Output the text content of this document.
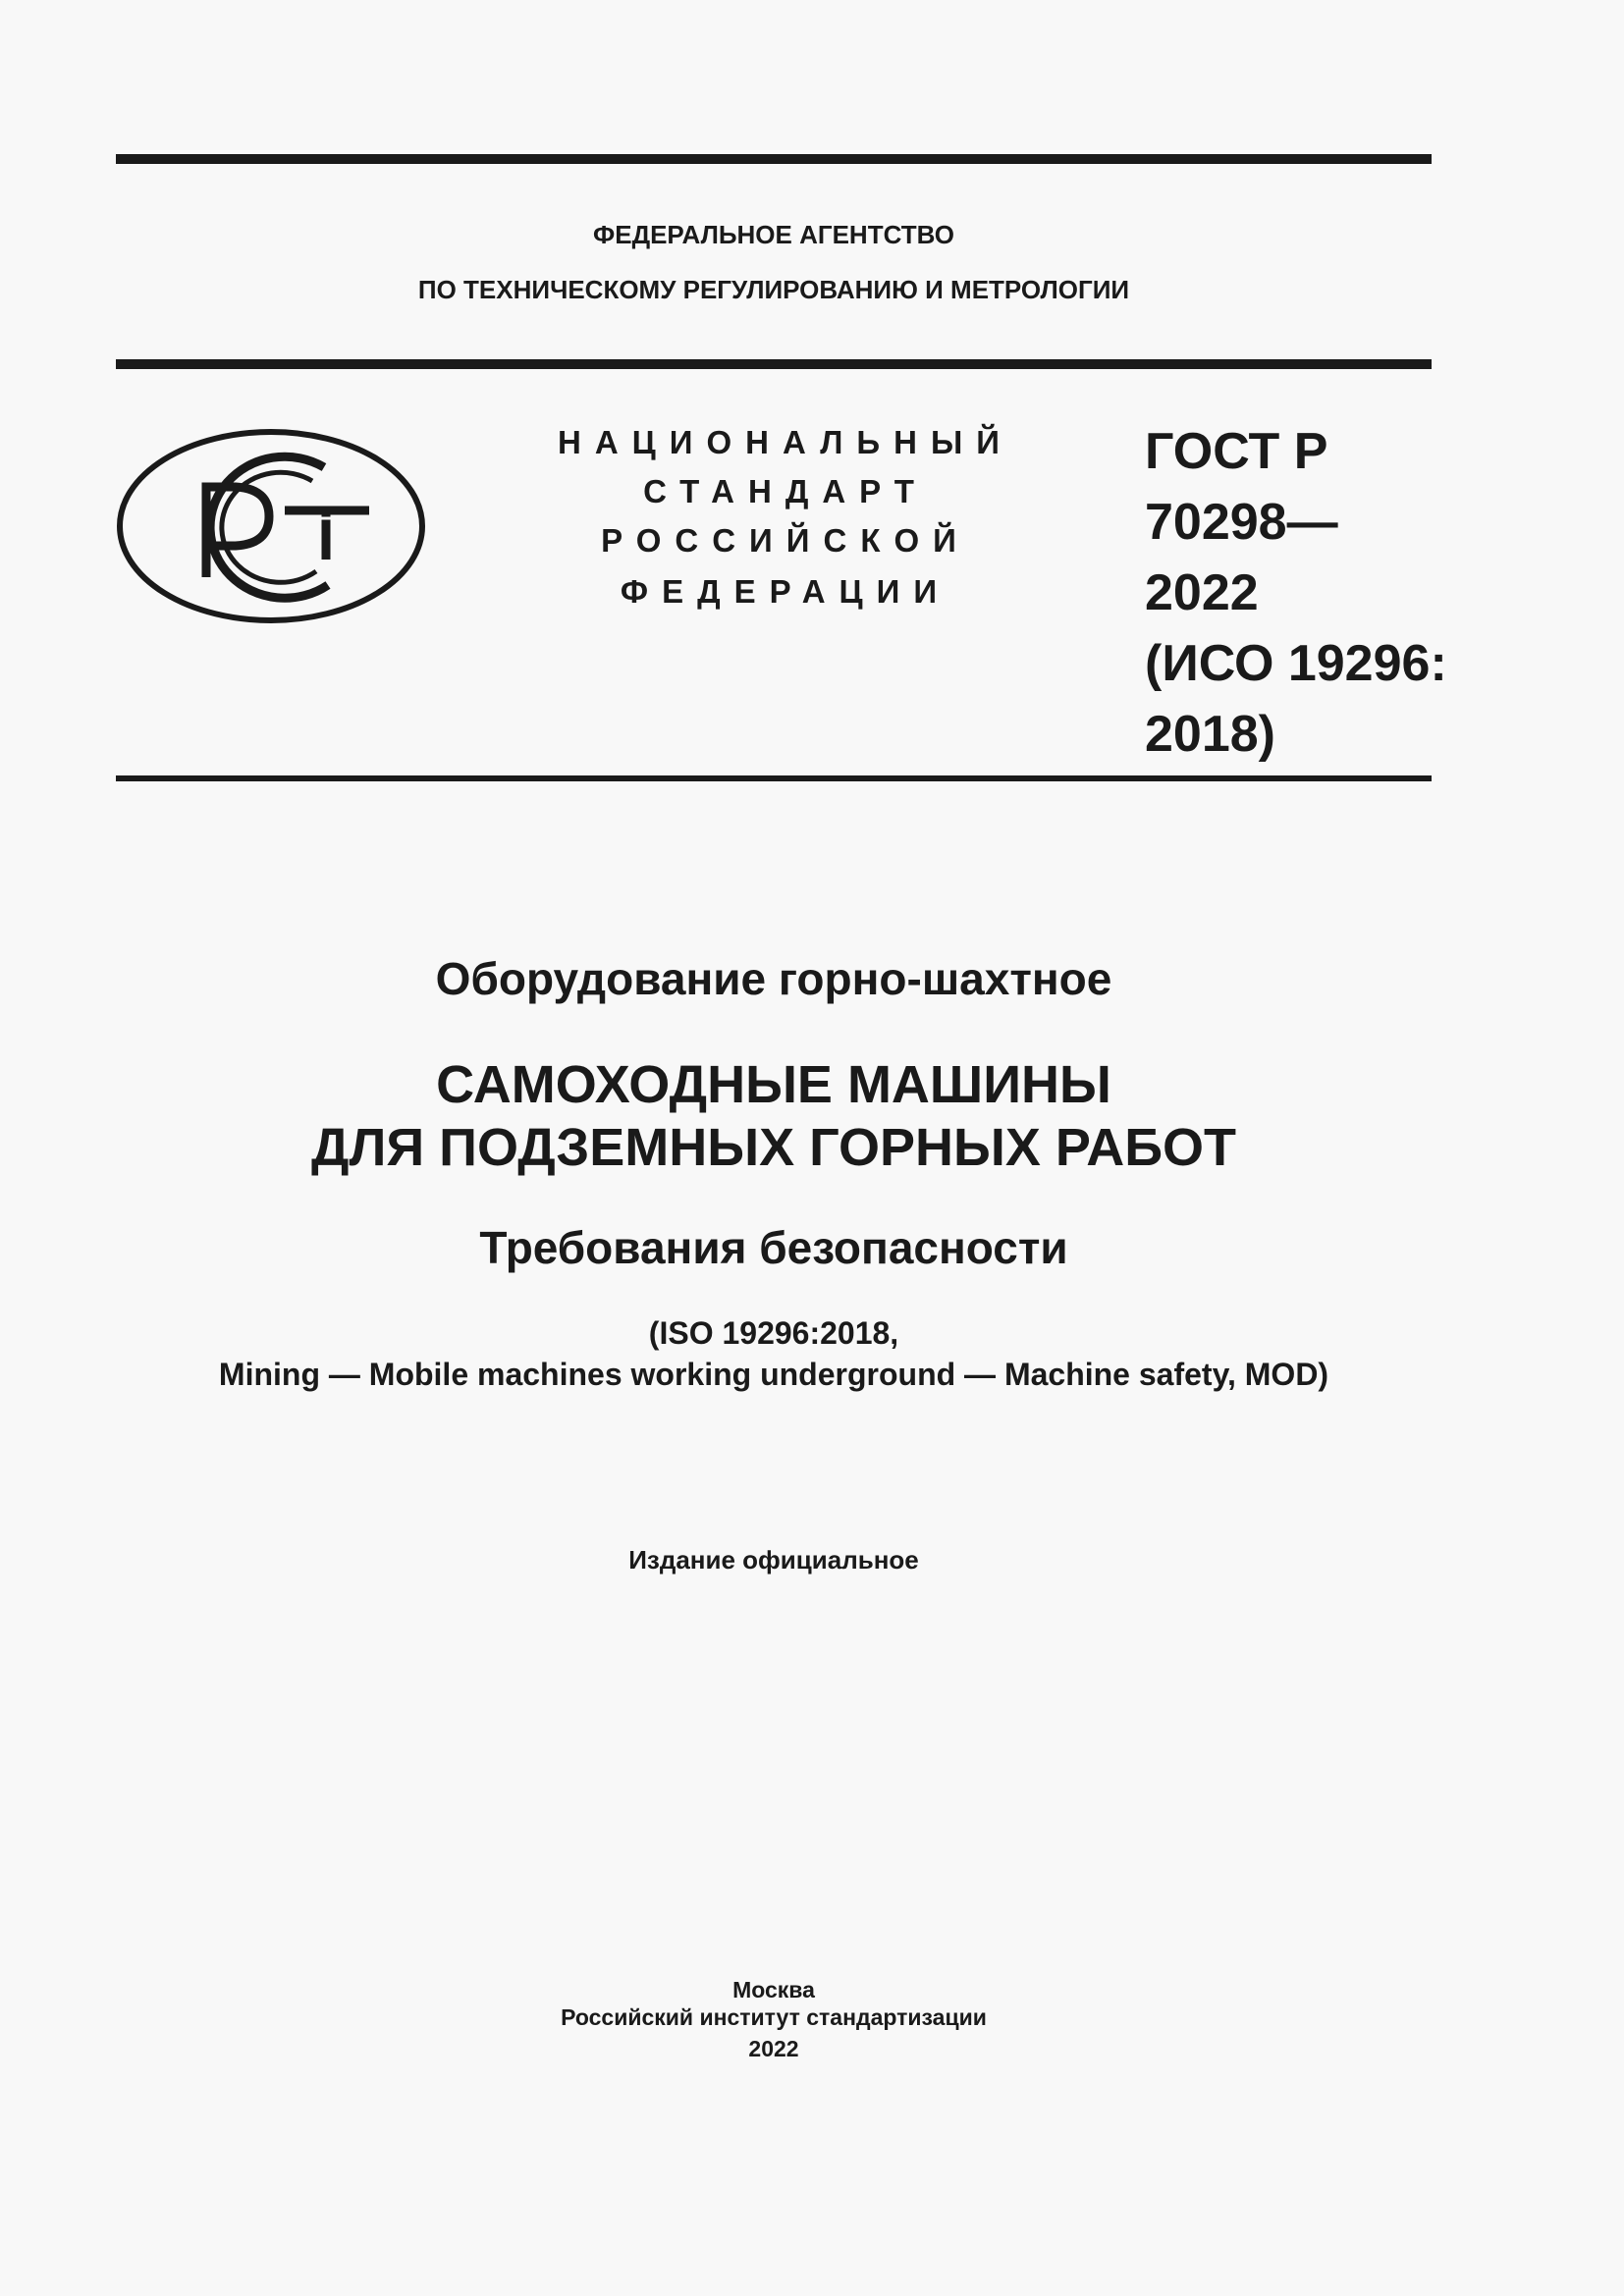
ФЕДЕРАЛЬНОЕ АГЕНТСТВО
ПО ТЕХНИЧЕСКОМУ РЕГУЛИРОВАНИЮ И МЕТРОЛОГИИ
НАЦИОНАЛЬНЫЙ
СТАНДАРТ
РОССИЙСКОЙ
ФЕДЕРАЦИИ
ГОСТ Р
70298—
2022
(ИСО 19296:
2018)
Оборудование горно-шахтное
САМОХОДНЫЕ МАШИНЫ
ДЛЯ ПОДЗЕМНЫХ ГОРНЫХ РАБОТ
Требования безопасности
(ISO 19296:2018,
Mining — Mobile machines working underground — Machine safety, MOD)
Издание официальное
Москва
Российский институт стандартизации
2022
